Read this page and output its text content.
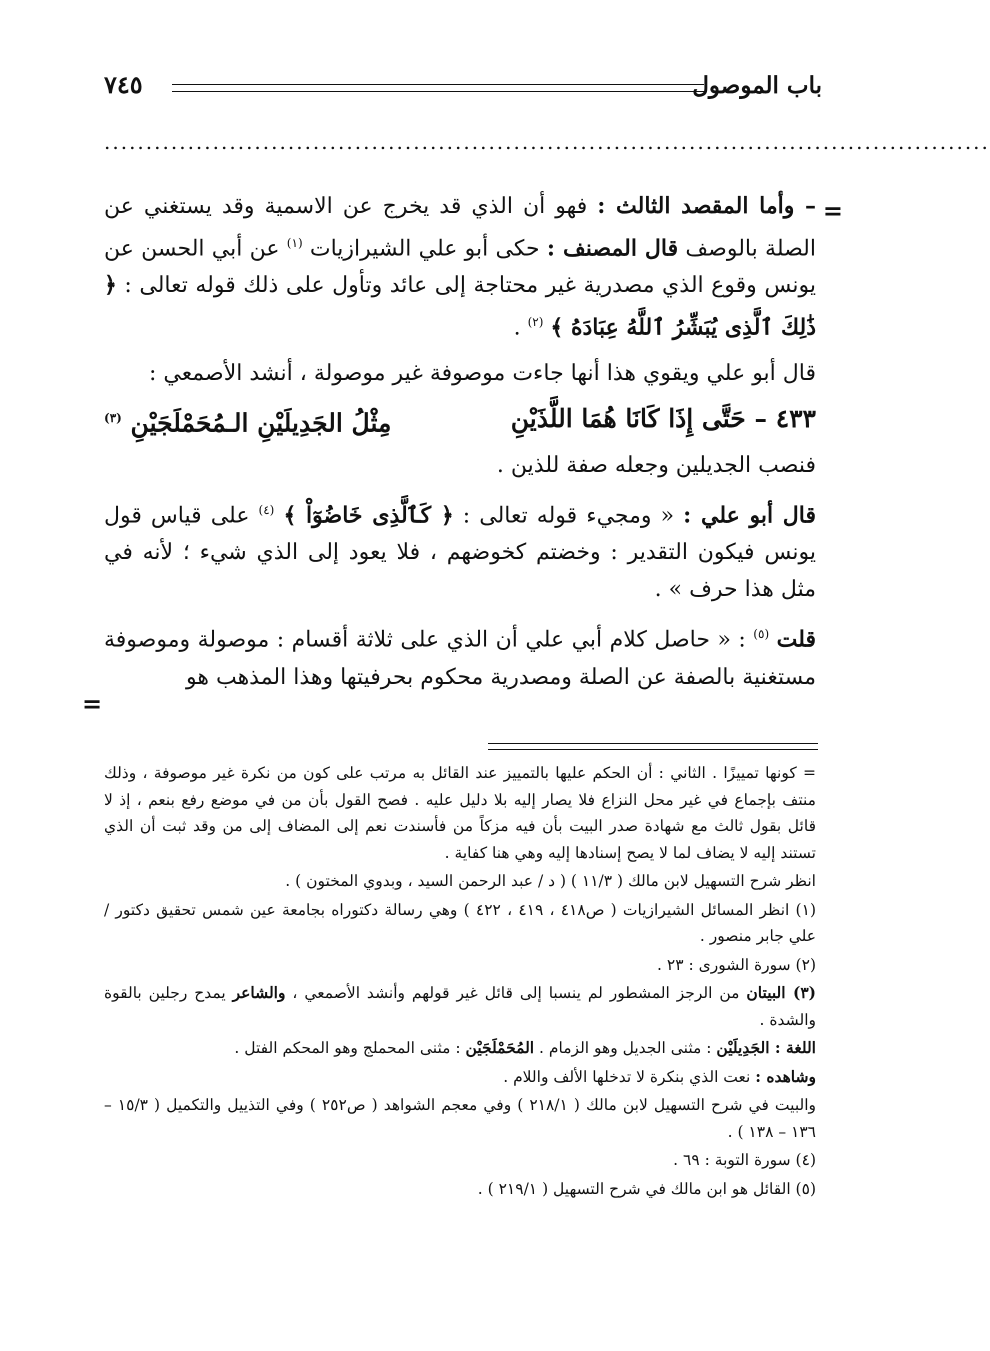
باب الموصول
٧٤٥
..........................................................................................................
=
=

– وأما المقصد الثالث : فهو أن الذي قد يخرج عن الاسمية وقد يستغني عن الصلة بالوصف قال المصنف : حكى أبو علي الشيرازيات $^{(١)}$ عن أبي الحسن عن يونس وقوع الذي مصدرية غير محتاجة إلى عائد وتأول على ذلك قوله تعالى : ﴿ ذَٰلِكَ ٱلَّذِى يُبَشِّرُ ٱللَّهُ عِبَادَهُ ﴾ $^{(٢)}$ .

قال أبو علي ويقوي هذا أنها جاءت موصوفة غير موصولة ، أنشد الأصمعي :

٤٣٣ – حَتَّى إِذَا كَانَا هُمَا اللَّذَيْنِ
مِثْلُ الجَدِيلَيْنِ الـمُحَمْلَجَيْنِ $^{(٣)}$

فنصب الجديلين وجعله صفة للذين .

قال أبو علي : « ومجيء قوله تعالى : ﴿ كَٱلَّذِى خَاضُوٓاْ ﴾ $^{(٤)}$ على قياس قول يونس فيكون التقدير : وخضتم كخوضهم ، فلا يعود إلى الذي شيء ؛ لأنه في مثل هذا حرف » .

قلت $^{(٥)}$ : « حاصل كلام أبي علي أن الذي على ثلاثة أقسام : موصولة وموصوفة مستغنية بالصفة عن الصلة ومصدرية محكوم بحرفيتها وهذا المذهب هو

= كونها تمييزًا . الثاني : أن الحكم عليها بالتمييز عند القائل به مرتب على كون من نكرة غير موصوفة ، وذلك منتف بإجماع في غير محل النزاع فلا يصار إليه بلا دليل عليه . فصح القول بأن من في موضع رفع بنعم ، إذ لا قائل بقول ثالث مع شهادة صدر البيت بأن فيه مزكاً من فأسندت نعم إلى المضاف إلى من وقد ثبت أن الذي تستند إليه لا يضاف لما لا يصح إسنادها إليه وهي هنا كفاية .

انظر شرح التسهيل لابن مالك ( ١١/٣ ) ( د / عبد الرحمن السيد ، وبدوي المختون ) .

(١) انظر المسائل الشيرازيات ( ص٤١٨ ، ٤١٩ ، ٤٢٢ ) وهي رسالة دكتوراه بجامعة عين شمس تحقيق دكتور / علي جابر منصور .

(٢) سورة الشورى : ٢٣ .

(٣) البيتان من الرجز المشطور لم ينسبا إلى قائل غير قولهم وأنشد الأصمعي ، والشاعر يمدح رجلين بالقوة والشدة .

اللغة : الجَدِيلَيْن : مثنى الجديل وهو الزمام . المُحَمْلَجَيْن : مثنى المحملج وهو المحكم الفتل .

وشاهده : نعت الذي بنكرة لا تدخلها الألف واللام .

والبيت في شرح التسهيل لابن مالك ( ٢١٨/١ ) وفي معجم الشواهد ( ص٢٥٢ ) وفي التذييل والتكميل ( ١٥/٣ – ١٣٦ – ١٣٨ ) .

(٤) سورة التوبة : ٦٩ .

(٥) القائل هو ابن مالك في شرح التسهيل ( ٢١٩/١ ) .
